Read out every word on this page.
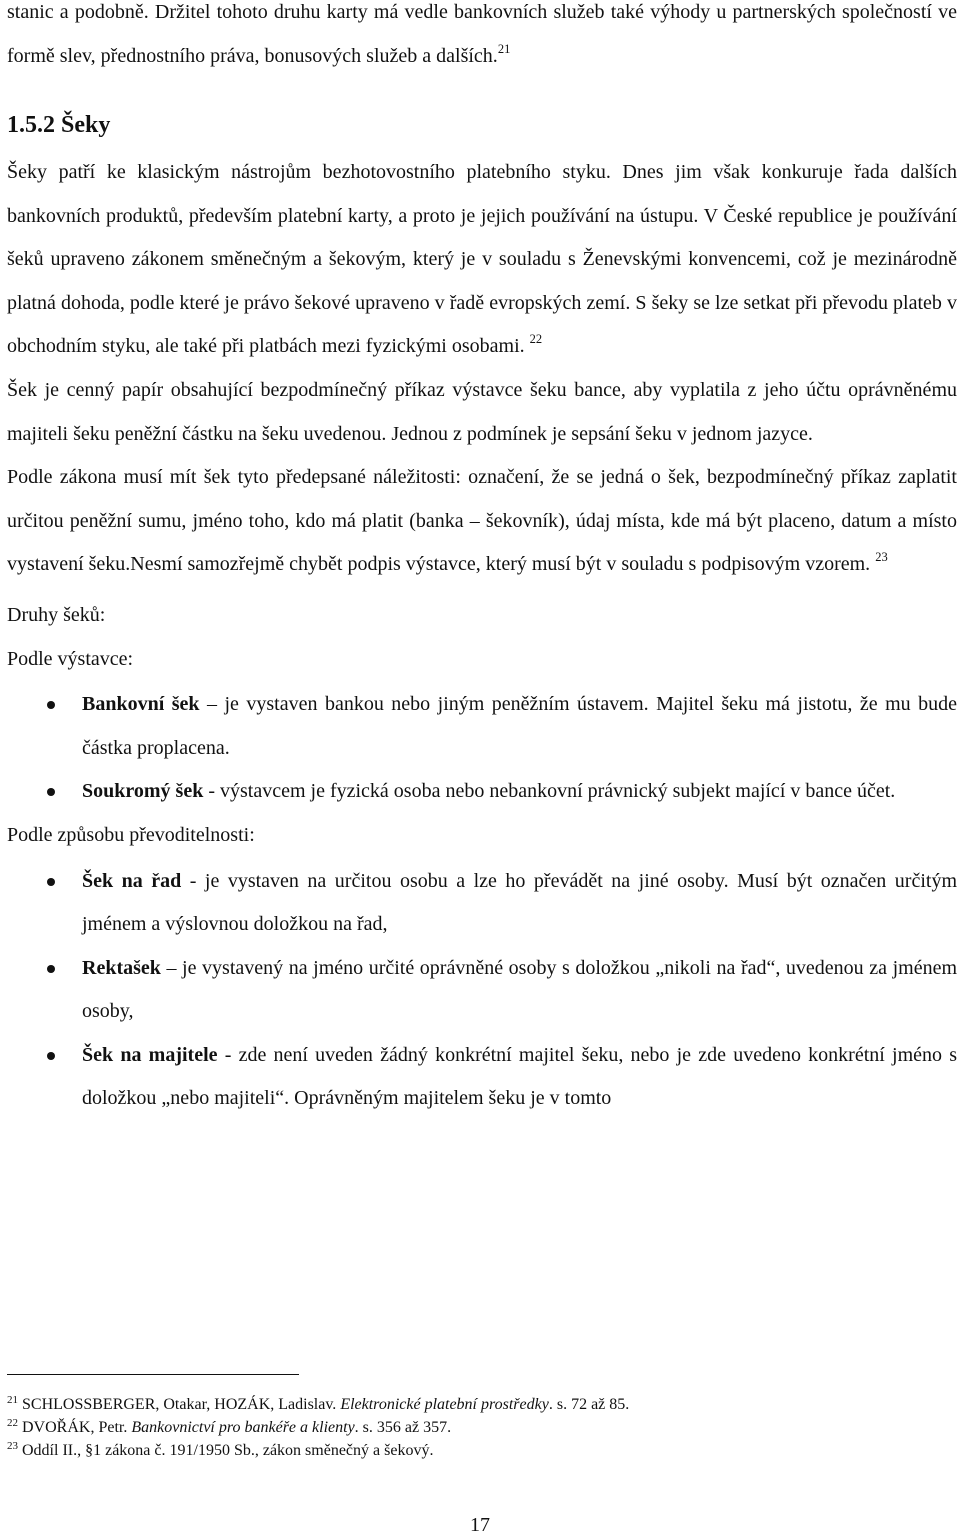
stanic a podobně. Držitel tohoto druhu karty má vedle bankovních služeb také výhody u partnerských společností ve formě slev, přednostního práva, bonusových služeb a dalších.$^{21}$

1.5.2 Šeky

Šeky patří ke klasickým nástrojům bezhotovostního platebního styku. Dnes jim však konkuruje řada dalších bankovních produktů, především platební karty, a proto je jejich používání na ústupu. V České republice je používání šeků upraveno zákonem směnečným a šekovým, který je v souladu s Ženevskými konvencemi, což je mezinárodně platná dohoda, podle které je právo šekové upraveno v řadě evropských zemí. S šeky se lze setkat při převodu plateb v obchodním styku, ale také při platbách mezi fyzickými osobami. $^{22}$

Šek je cenný papír obsahující bezpodmínečný příkaz výstavce šeku bance, aby vyplatila z jeho účtu oprávněnému majiteli šeku peněžní částku na šeku uvedenou. Jednou z podmínek je sepsání šeku v jednom jazyce.

Podle zákona musí mít šek tyto předepsané náležitosti: označení, že se jedná o šek, bezpodmínečný příkaz zaplatit určitou peněžní sumu, jméno toho, kdo má platit (banka – šekovník), údaj místa, kde má být placeno, datum a místo vystavení šeku.Nesmí samozřejmě chybět podpis výstavce, který musí být v souladu s podpisovým vzorem. $^{23}$

Druhy šeků:

Podle výstavce:

Bankovní šek – je vystaven bankou nebo jiným peněžním ústavem. Majitel šeku má jistotu, že mu bude částka proplacena.
Soukromý šek - výstavcem je fyzická osoba nebo nebankovní právnický subjekt mající v bance účet.

Podle způsobu převoditelnosti:

Šek na řad - je vystaven na určitou osobu a lze ho převádět na jiné osoby. Musí být označen určitým jménem a výslovnou doložkou na řad,
Rektašek – je vystavený na jméno určité oprávněné osoby s doložkou „nikoli na řad“, uvedenou za jménem osoby,
Šek na majitele - zde není uveden žádný konkrétní majitel šeku, nebo je zde uvedeno konkrétní jméno s doložkou „nebo majiteli“. Oprávněným majitelem šeku je v tomto

$^{21}$ SCHLOSSBERGER, Otakar, HOZÁK, Ladislav. Elektronické platební prostředky. s. 72 až 85.

$^{22}$ DVOŘÁK, Petr. Bankovnictví pro bankéře a klienty. s. 356 až 357.

$^{23}$ Oddíl II., §1 zákona č. 191/1950 Sb., zákon směnečný a šekový.

17
